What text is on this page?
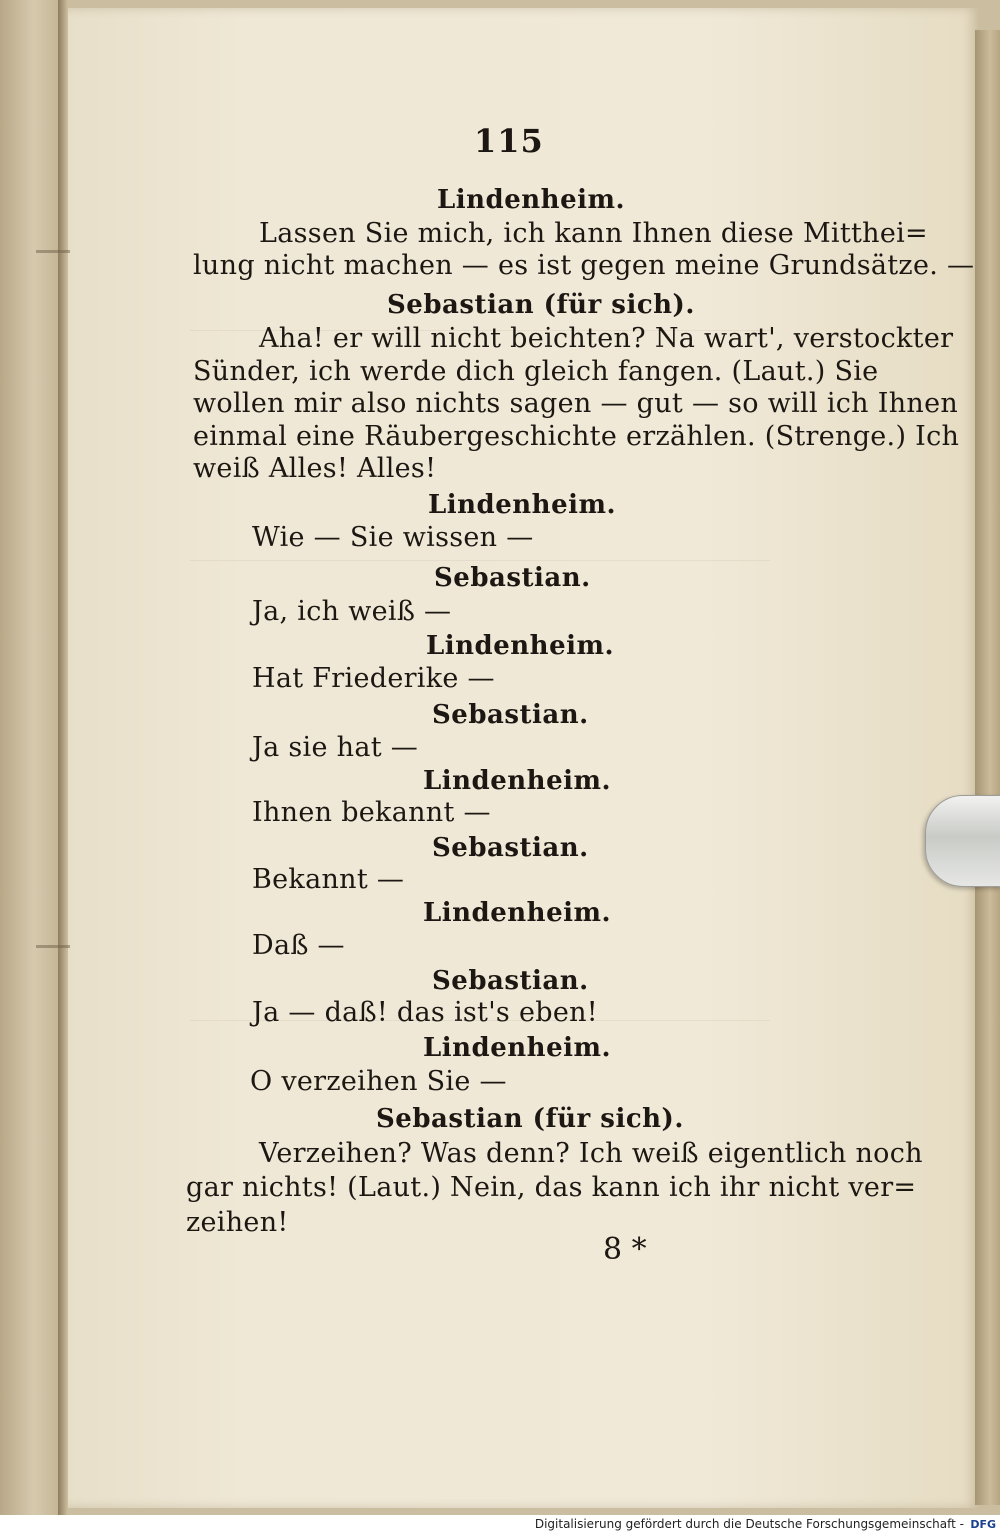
115
Lindenheim.
Lassen Sie mich, ich kann Ihnen diese Mitthei=
lung nicht machen — es ist gegen meine Grundsätze. —
Sebastian (für sich).
Aha! er will nicht beichten? Na wart', verstockter
Sünder, ich werde dich gleich fangen. (Laut.) Sie
wollen mir also nichts sagen — gut — so will ich Ihnen
einmal eine Räubergeschichte erzählen. (Strenge.) Ich
weiß Alles! Alles!
Lindenheim.
Wie — Sie wissen —
Sebastian.
Ja, ich weiß —
Lindenheim.
Hat Friederike —
Sebastian.
Ja sie hat —
Lindenheim.
Ihnen bekannt —
Sebastian.
Bekannt —
Lindenheim.
Daß —
Sebastian.
Ja — daß! das ist's eben!
Lindenheim.
O verzeihen Sie —
Sebastian (für sich).
Verzeihen? Was denn? Ich weiß eigentlich noch
gar nichts! (Laut.) Nein, das kann ich ihr nicht ver=
zeihen!
8 *
Digitalisierung gefördert durch die Deutsche Forschungsgemeinschaft - DFG
